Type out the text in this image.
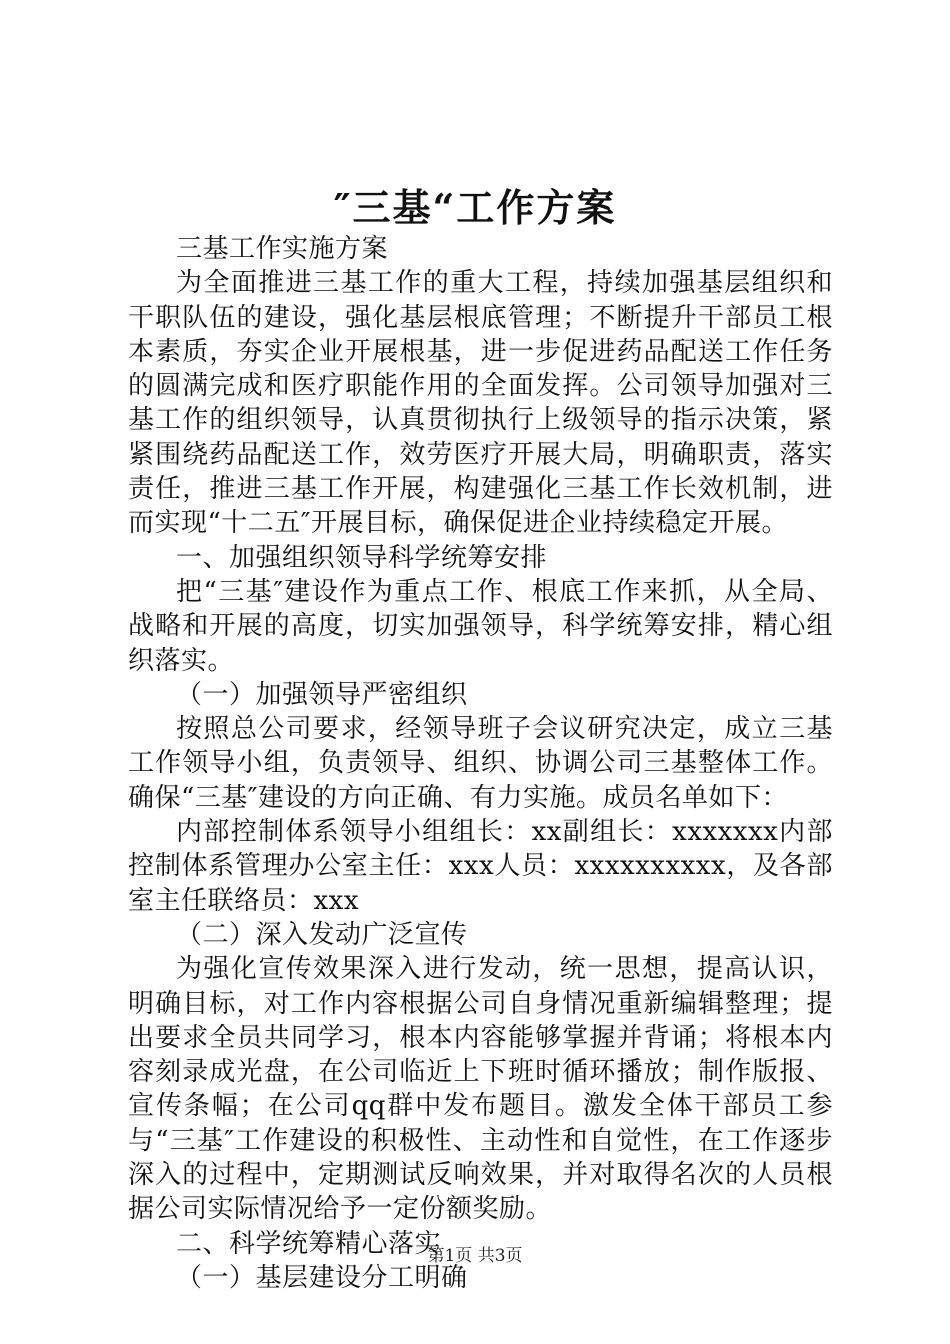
″三基“工作方案

三基工作实施方案

为全面推进三基工作的重大工程，持续加强基层组织和干职队伍的建设，强化基层根底管理；不断提升干部员工根本素质，夯实企业开展根基，进一步促进药品配送工作任务的圆满完成和医疗职能作用的全面发挥。公司领导加强对三基工作的组织领导，认真贯彻执行上级领导的指示决策，紧紧围绕药品配送工作，效劳医疗开展大局，明确职责，落实责任，推进三基工作开展，构建强化三基工作长效机制，进而实现“十二五″开展目标，确保促进企业持续稳定开展。

一、加强组织领导科学统筹安排

把“三基″建设作为重点工作、根底工作来抓，从全局、战略和开展的高度，切实加强领导，科学统筹安排，精心组织落实。

（一）加强领导严密组织

按照总公司要求，经领导班子会议研究决定，成立三基工作领导小组，负责领导、组织、协调公司三基整体工作。确保“三基″建设的方向正确、有力实施。成员名单如下：

内部控制体系领导小组组长：xx副组长：xxxxxxx内部控制体系管理办公室主任：xxx人员：xxxxxxxxxx，及各部室主任联络员：xxx

（二）深入发动广泛宣传

为强化宣传效果深入进行发动，统一思想，提高认识，明确目标，对工作内容根据公司自身情况重新编辑整理；提出要求全员共同学习，根本内容能够掌握并背诵；将根本内容刻录成光盘，在公司临近上下班时循环播放；制作版报、宣传条幅；在公司qq群中发布题目。激发全体干部员工参与“三基″工作建设的积极性、主动性和自觉性，在工作逐步深入的过程中，定期测试反响效果，并对取得名次的人员根据公司实际情况给予一定份额奖励。

二、科学统筹精心落实

（一）基层建设分工明确

第1页 共3页
